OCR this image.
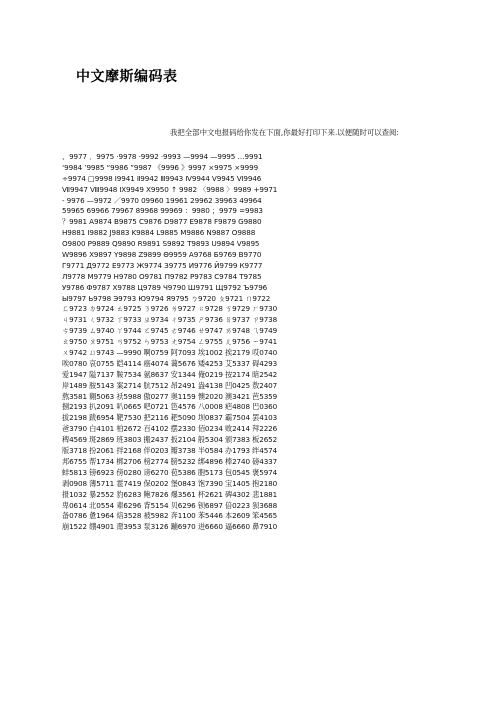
中文摩斯编码表
我把全部中文电报码给你发在下面,你最好打印下来.以便随时可以查阅:
、9977 ．9975 ·9978 ·9992 ·9993 —9994 —9995 …9991
‘9984 ’9985 “9986 ”9987 《9996 》9997 ×9975 ×9999
÷9974 □9998 Ⅰ9941 Ⅱ9942 Ⅲ9943 Ⅳ9944 Ⅴ9945 Ⅵ9946
Ⅶ9947 Ⅷ9948 Ⅸ9949 Ⅹ9950 ↑ 9982 〈9988 〉9989 +9971
- 9976 —9972 ／9970 09960 19961 29962 39963 49964
59965 69966 79967 89968 99969 ：9980 ；9979 =9983
？9981 A9874 B9875 C9876 D9877 E9878 F9879 G9880
H9881 I9882 J9883 K9884 L9885 M9886 N9887 O9888
O9800 P9889 Q9890 R9891 S9892 T9893 U9894 V9895
W9896 X9897 Y9898 Z9899 Θ9959 А9768 Б9769 В9770
Г9771 Д9772 Е9773 Ж9774 З9775 И9776 Й9799 К9777
Л9778 М9779 Н9780 О9781 П9782 Р9783 С9784 Т9785
У9786 Ф9787 Х9788 Ц9789 Ч9790 Ш9791 Щ9792 Ъ9796
Ы9797 Ь9798 Э9793 Ю9794 Я9795 ㄅ9720 ㄆ9721 ㄇ9722
ㄈ9723 ㄉ9724 ㄊ9725 ㄋ9726 ㄌ9727 ㄍ9728 ㄎ9729 ㄏ9730
ㄐ9731 ㄑ9732 ㄒ9733 ㄓ9734 ㄔ9735 ㄕ9736 ㄖ9737 ㄗ9738
ㄘ9739 ㄙ9740 ㄚ9744 ㄛ9745 ㄜ9746 ㄝ9747 ㄞ9748 ㄟ9749
ㄠ9750 ㄡ9751 ㄢ9752 ㄣ9753 ㄤ9754 ㄥ9755 ㄦ9756 ㄧ9741
ㄨ9742 ㄩ9743 —9990 啊0759 阿7093 埃1002 挨2179 哎0740
唉0780 哀0755 皑4114 癌4074 蔼5676 矮4253 艾5337 碍4293
爱1947 隘7137 鞍7534 氨8637 安1344 俺0219 按2174 暗2542
岸1489 胺5143 案2714 肮7512 昂2491 盎4138 凹0425 敖2407
熬3581 翱5063 袄5988 傲0277 奥1159 懊2020 澳3421 芭5359
捌2193 扒2091 叭0665 吧0721 笆4576 八0008 疤4808 巴0360
拔2198 跋6954 靶7530 把2116 耙5090 坝0837 霸7504 罢4103
爸3790 白4101 柏2672 百4102 摆2330 佰0234 败2414 拜2226
稗4569 斑2869 班3803 搬2437 扳2104 般5304 颁7383 板2652
版3718 扮2061 拌2168 伴0203 瓣3738 半0584 办1793 绊4574
邦6755 帮1734 梆2706 榜2774 膀5232 绑4896 棒2740 磅4337
蚌5813 镑6923 傍0280 谤6270 苞5386 胞5173 包0545 褒5974
剥0908 薄5711 雹7419 保0202 堡0843 饱7390 宝1405 抱2180
报1032 暴2552 豹6283 鲍7826 爆3561 杯2621 碑4302 悲1881
卑0614 北0554 辈6296 背5154 贝6296 钡6897 倍0223 狈3688
备0786 惫1964 焙3528 被5982 奔1100 苯5446 本2609 笨4565
崩1522 绷4901 甭3953 泵3126 蹦6970 迸6660 逼6660 鼻7910
